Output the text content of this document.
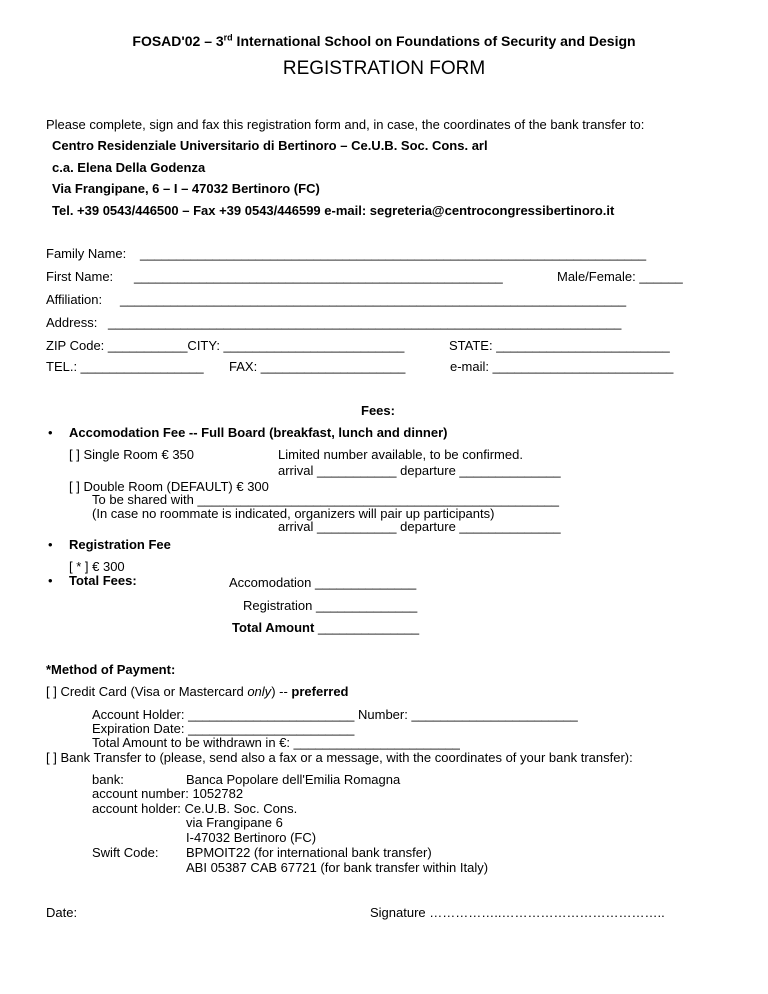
FOSAD'02 – 3rd International School on Foundations of Security and Design
REGISTRATION FORM
Please complete, sign and fax this registration form and, in case, the coordinates of the bank transfer to:
Centro Residenziale Universitario di Bertinoro – Ce.U.B. Soc. Cons. arl
c.a. Elena Della Godenza
Via Frangipane, 6 – I – 47032 Bertinoro (FC)
Tel. +39 0543/446500 – Fax +39 0543/446599 e-mail: segreteria@centrocongressibertinoro.it
Family Name: ______________________________________________________________________
First Name: ___________________________________________________	Male/Female: ______
Affiliation: ______________________________________________________________________
Address: _______________________________________________________________________
ZIP Code: ___________CITY: _________________________	STATE: ________________________
TEL.: _________________ FAX: ____________________	e-mail: _________________________
Fees:
• Accomodation Fee -- Full Board (breakfast, lunch and dinner)
[ ] Single Room € 350	Limited number available, to be confirmed.
arrival ___________ departure ______________
[ ] Double Room (DEFAULT) € 300
To be shared with __________________________________________________
(In case no roommate is indicated, organizers will pair up participants)
arrival ___________ departure ______________
• Registration Fee
[ * ] € 300
• Total Fees:	Accomodation ______________
Registration ______________
Total Amount ______________
*Method of Payment:
[ ] Credit Card (Visa or Mastercard only) -- preferred
Account Holder: _______________________ Number: _______________________
Expiration Date: _______________________
Total Amount to be withdrawn in €: _______________________
[ ] Bank Transfer to (please, send also a fax or a message, with the coordinates of your bank transfer):
bank:	Banca Popolare dell'Emilia Romagna
account number: 1052782
account holder: Ce.U.B. Soc. Cons.
via Frangipane 6
I-47032 Bertinoro (FC)
Swift Code: BPMOIT22 (for international bank transfer)
ABI 05387 CAB 67721 (for bank transfer within Italy)
Date:	Signature ……………..………………………………..
